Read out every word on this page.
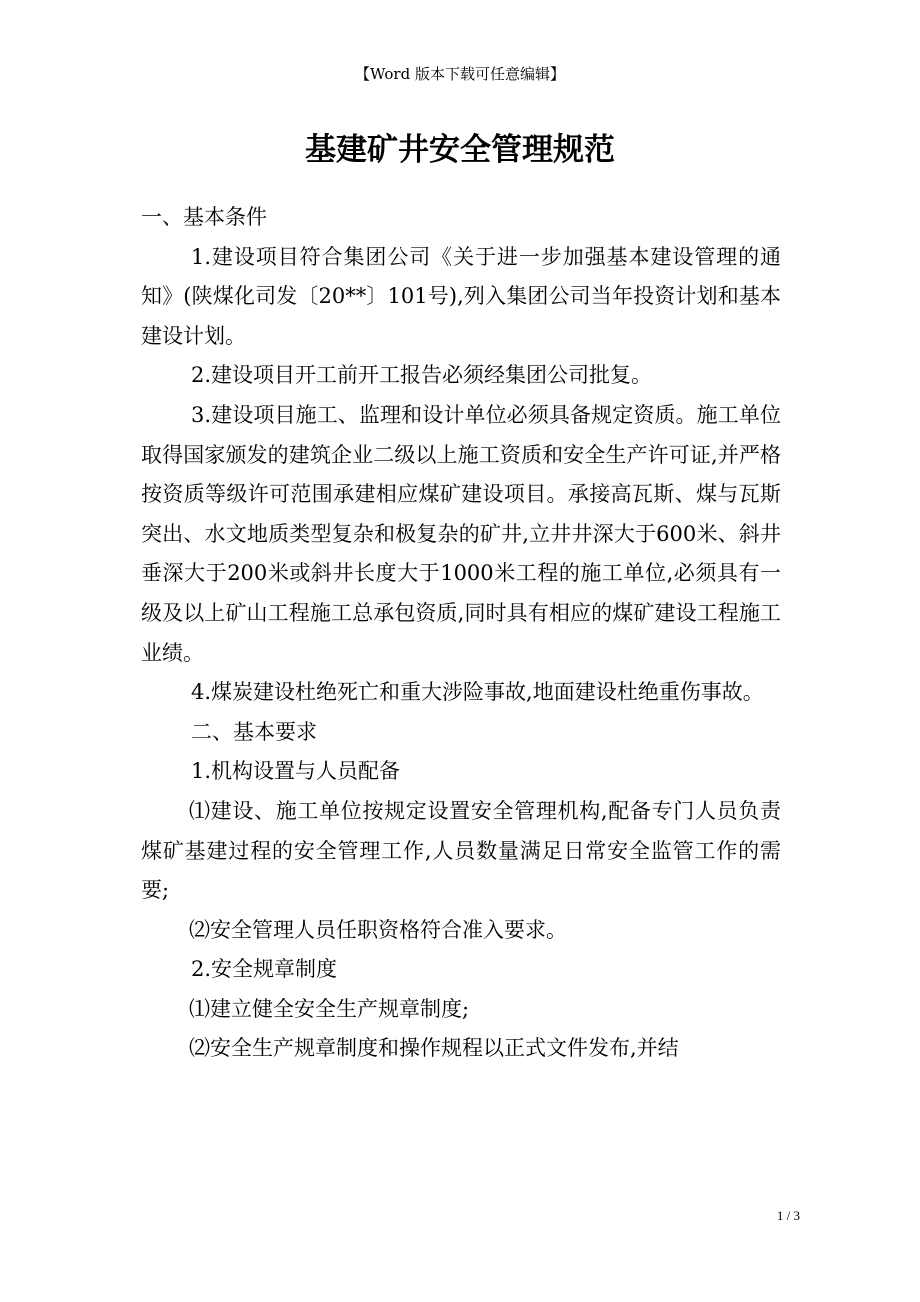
【Word 版本下载可任意编辑】
基建矿井安全管理规范

一、基本条件

1.建设项目符合集团公司《关于进一步加强基本建设管理的通知》(陕煤化司发〔20**〕101号),列入集团公司当年投资计划和基本建设计划。

2.建设项目开工前开工报告必须经集团公司批复。

3.建设项目施工、监理和设计单位必须具备规定资质。施工单位取得国家颁发的建筑企业二级以上施工资质和安全生产许可证,并严格按资质等级许可范围承建相应煤矿建设项目。承接高瓦斯、煤与瓦斯突出、水文地质类型复杂和极复杂的矿井,立井井深大于600米、斜井垂深大于200米或斜井长度大于1000米工程的施工单位,必须具有一级及以上矿山工程施工总承包资质,同时具有相应的煤矿建设工程施工业绩。

4.煤炭建设杜绝死亡和重大涉险事故,地面建设杜绝重伤事故。

二、基本要求

1.机构设置与人员配备

⑴建设、施工单位按规定设置安全管理机构,配备专门人员负责煤矿基建过程的安全管理工作,人员数量满足日常安全监管工作的需要;

⑵安全管理人员任职资格符合准入要求。

2.安全规章制度

⑴建立健全安全生产规章制度;

⑵安全生产规章制度和操作规程以正式文件发布,并结

1 / 3
